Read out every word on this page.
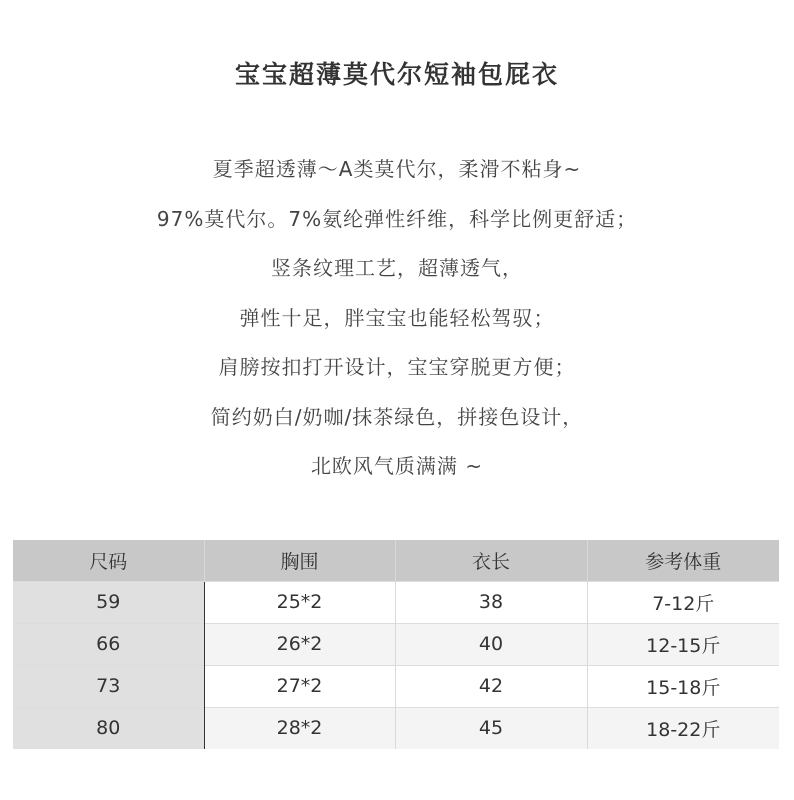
宝宝超薄莫代尔短袖包屁衣
夏季超透薄～A类莫代尔，柔滑不粘身~
97%莫代尔。7%氨纶弹性纤维，科学比例更舒适；
竖条纹理工艺，超薄透气，
弹性十足，胖宝宝也能轻松驾驭；
肩膀按扣打开设计，宝宝穿脱更方便；
简约奶白/奶咖/抹茶绿色，拼接色设计，
北欧风气质满满 ~
尺码	胸围	衣长	参考体重
59	25*2	38	7-12斤
66	26*2	40	12-15斤
73	27*2	42	15-18斤
80	28*2	45	18-22斤
